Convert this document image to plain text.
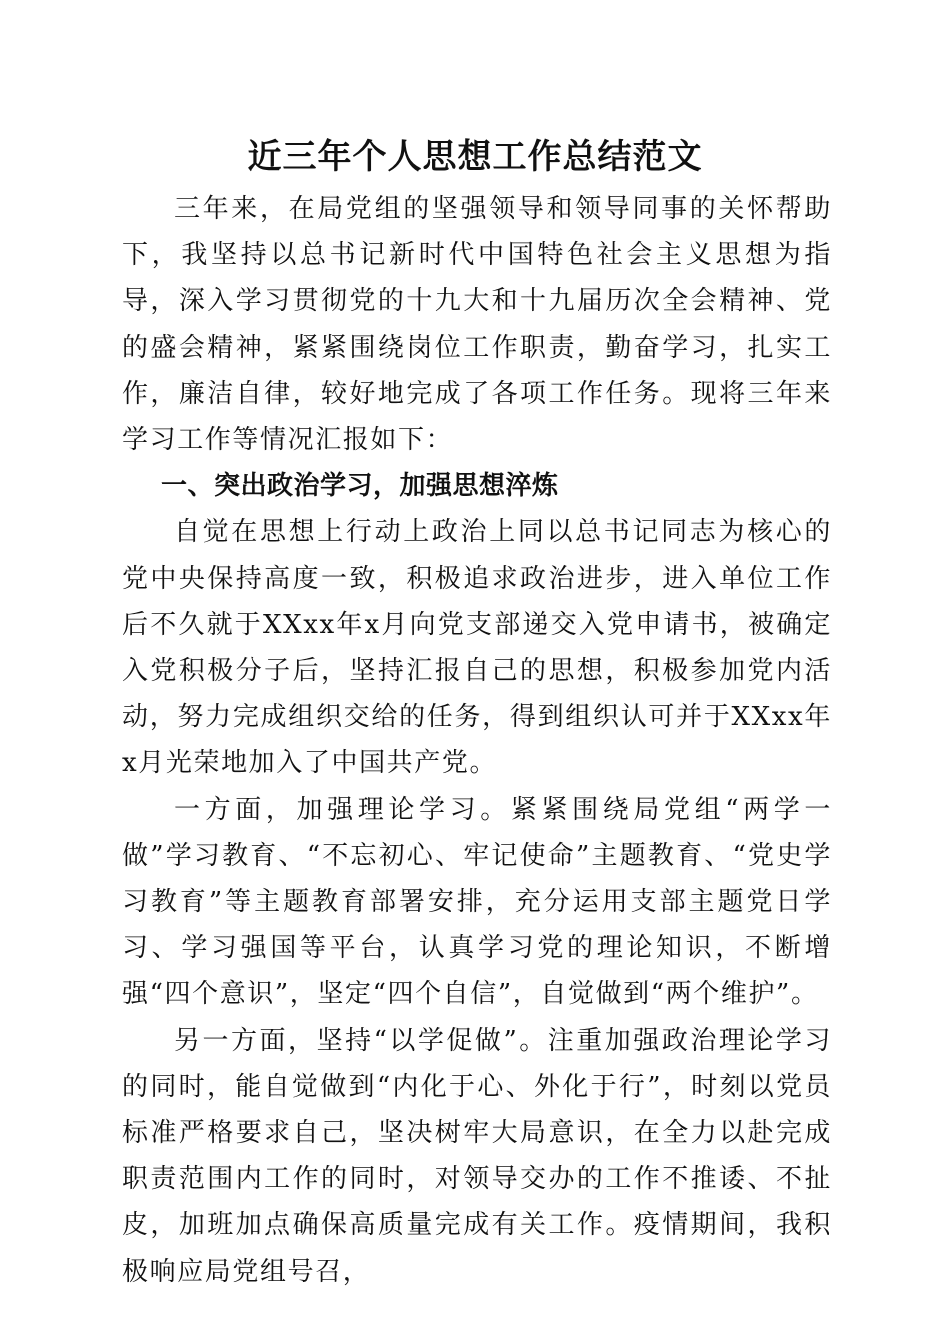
近三年个人思想工作总结范文

三年来，在局党组的坚强领导和领导同事的关怀帮助下，我坚持以总书记新时代中国特色社会主义思想为指导，深入学习贯彻党的十九大和十九届历次全会精神、党的盛会精神，紧紧围绕岗位工作职责，勤奋学习，扎实工作，廉洁自律，较好地完成了各项工作任务。现将三年来学习工作等情况汇报如下：

一、突出政治学习，加强思想淬炼

自觉在思想上行动上政治上同以总书记同志为核心的党中央保持高度一致，积极追求政治进步，进入单位工作后不久就于XXxx年x月向党支部递交入党申请书，被确定入党积极分子后，坚持汇报自己的思想，积极参加党内活动，努力完成组织交给的任务，得到组织认可并于XXxx年x月光荣地加入了中国共产党。

一方面，加强理论学习。紧紧围绕局党组“两学一做”学习教育、“不忘初心、牢记使命”主题教育、“党史学习教育”等主题教育部署安排，充分运用支部主题党日学习、学习强国等平台，认真学习党的理论知识，不断增强“四个意识”，坚定“四个自信”，自觉做到“两个维护”。

另一方面，坚持“以学促做”。注重加强政治理论学习的同时，能自觉做到“内化于心、外化于行”，时刻以党员标准严格要求自己，坚决树牢大局意识，在全力以赴完成职责范围内工作的同时，对领导交办的工作不推诿、不扯皮，加班加点确保高质量完成有关工作。疫情期间，我积极响应局党组号召，
